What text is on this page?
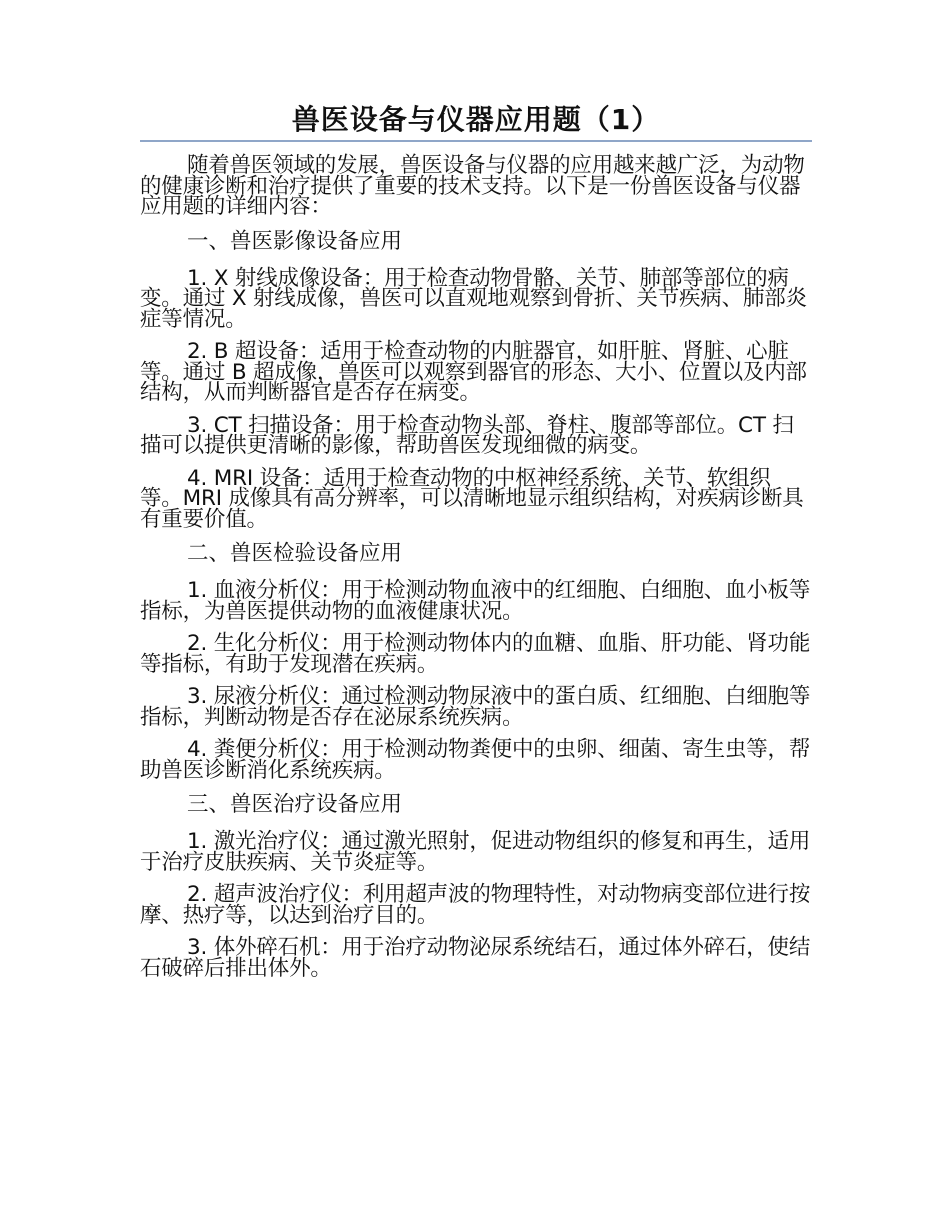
兽医设备与仪器应用题（1）

随着兽医领域的发展，兽医设备与仪器的应用越来越广泛，为动物的健康诊断和治疗提供了重要的技术支持。以下是一份兽医设备与仪器应用题的详细内容：

一、兽医影像设备应用

1. X 射线成像设备：用于检查动物骨骼、关节、肺部等部位的病变。通过 X 射线成像，兽医可以直观地观察到骨折、关节疾病、肺部炎症等情况。

2. B 超设备：适用于检查动物的内脏器官，如肝脏、肾脏、心脏等。通过 B 超成像，兽医可以观察到器官的形态、大小、位置以及内部结构，从而判断器官是否存在病变。

3. CT 扫描设备：用于检查动物头部、脊柱、腹部等部位。CT 扫描可以提供更清晰的影像，帮助兽医发现细微的病变。

4. MRI 设备：适用于检查动物的中枢神经系统、关节、软组织等。MRI 成像具有高分辨率，可以清晰地显示组织结构，对疾病诊断具有重要价值。

二、兽医检验设备应用

1. 血液分析仪：用于检测动物血液中的红细胞、白细胞、血小板等指标，为兽医提供动物的血液健康状况。

2. 生化分析仪：用于检测动物体内的血糖、血脂、肝功能、肾功能等指标，有助于发现潜在疾病。

3. 尿液分析仪：通过检测动物尿液中的蛋白质、红细胞、白细胞等指标，判断动物是否存在泌尿系统疾病。

4. 粪便分析仪：用于检测动物粪便中的虫卵、细菌、寄生虫等，帮助兽医诊断消化系统疾病。

三、兽医治疗设备应用

1. 激光治疗仪：通过激光照射，促进动物组织的修复和再生，适用于治疗皮肤疾病、关节炎症等。

2. 超声波治疗仪：利用超声波的物理特性，对动物病变部位进行按摩、热疗等，以达到治疗目的。

3. 体外碎石机：用于治疗动物泌尿系统结石，通过体外碎石，使结石破碎后排出体外。
